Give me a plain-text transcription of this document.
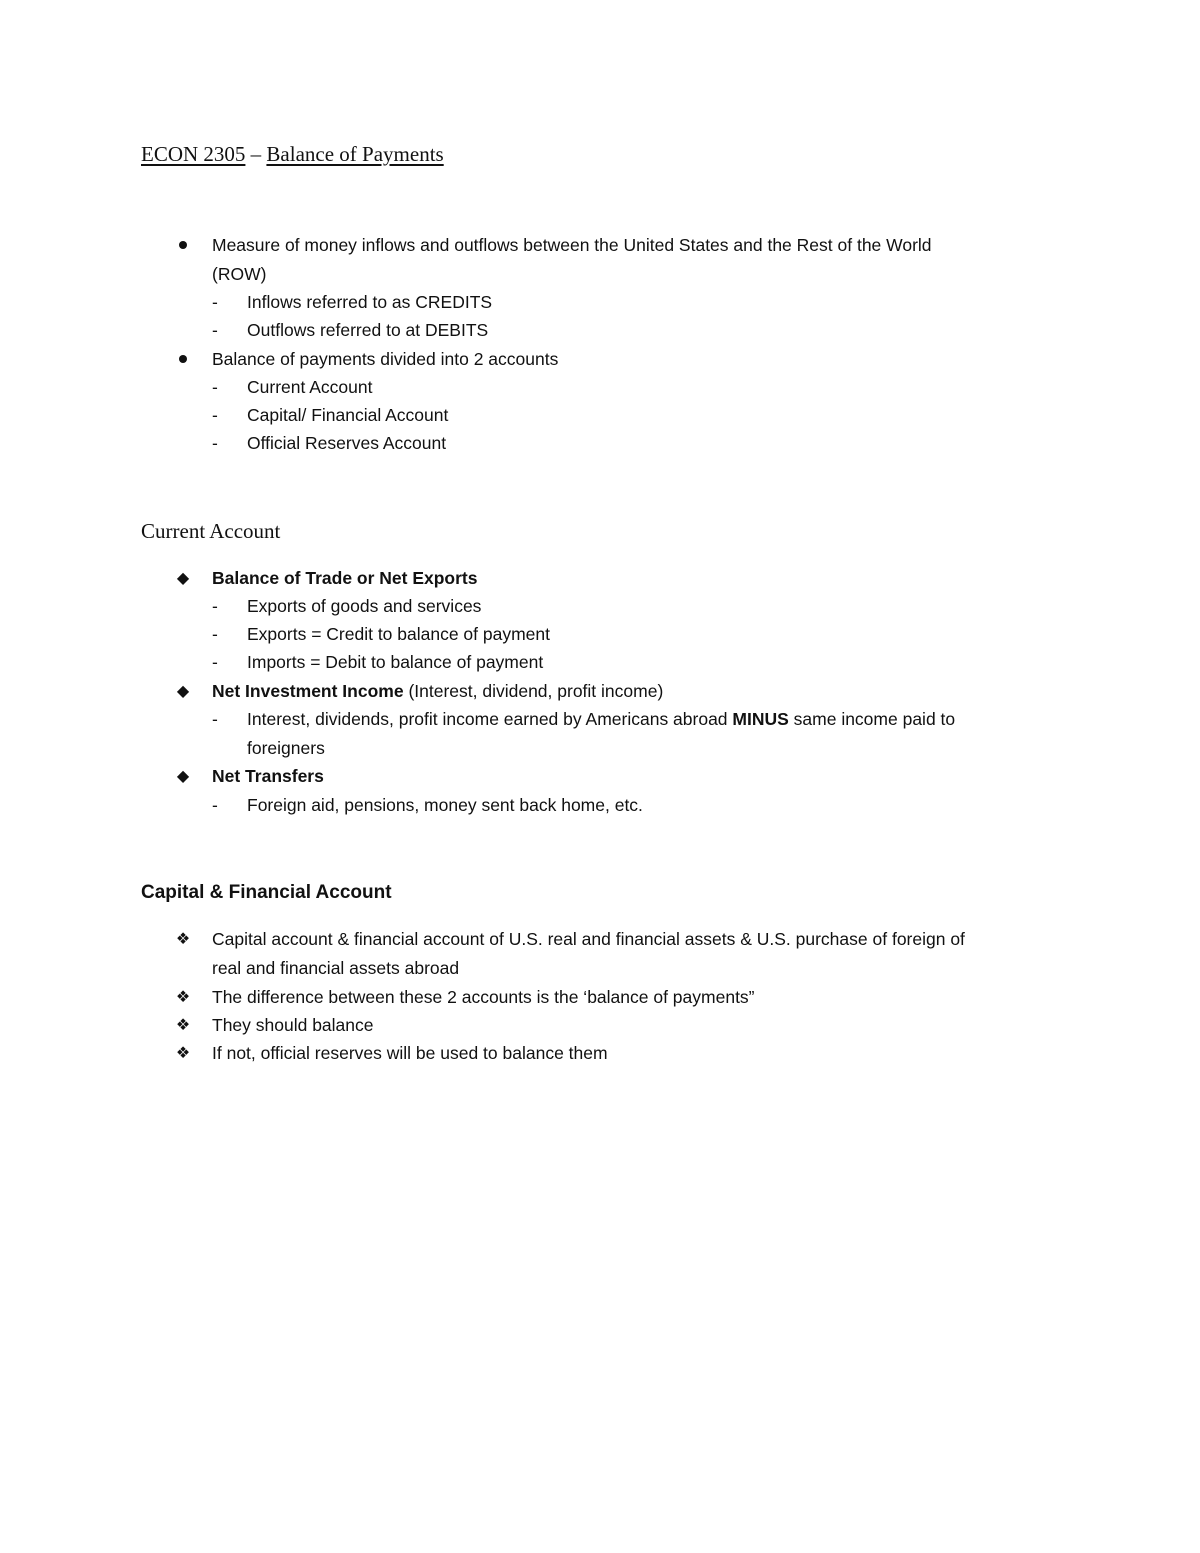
ECON 2305 – Balance of Payments
Measure of money inflows and outflows between the United States and the Rest of the World
(ROW)
- Inflows referred to as CREDITS
- Outflows referred to at DEBITS
Balance of payments divided into 2 accounts
- Current Account
- Capital/ Financial Account
- Official Reserves Account
Current Account
◆ Balance of Trade or Net Exports
- Exports of goods and services
- Exports = Credit to balance of payment
- Imports = Debit to balance of payment
◆ Net Investment Income (Interest, dividend, profit income)
- Interest, dividends, profit income earned by Americans abroad MINUS same income paid to
foreigners
◆ Net Transfers
- Foreign aid, pensions, money sent back home, etc.
Capital & Financial Account
❖ Capital account & financial account of U.S. real and financial assets & U.S. purchase of foreign of
real and financial assets abroad
❖ The difference between these 2 accounts is the ‘balance of payments”
❖ They should balance
❖ If not, official reserves will be used to balance them
